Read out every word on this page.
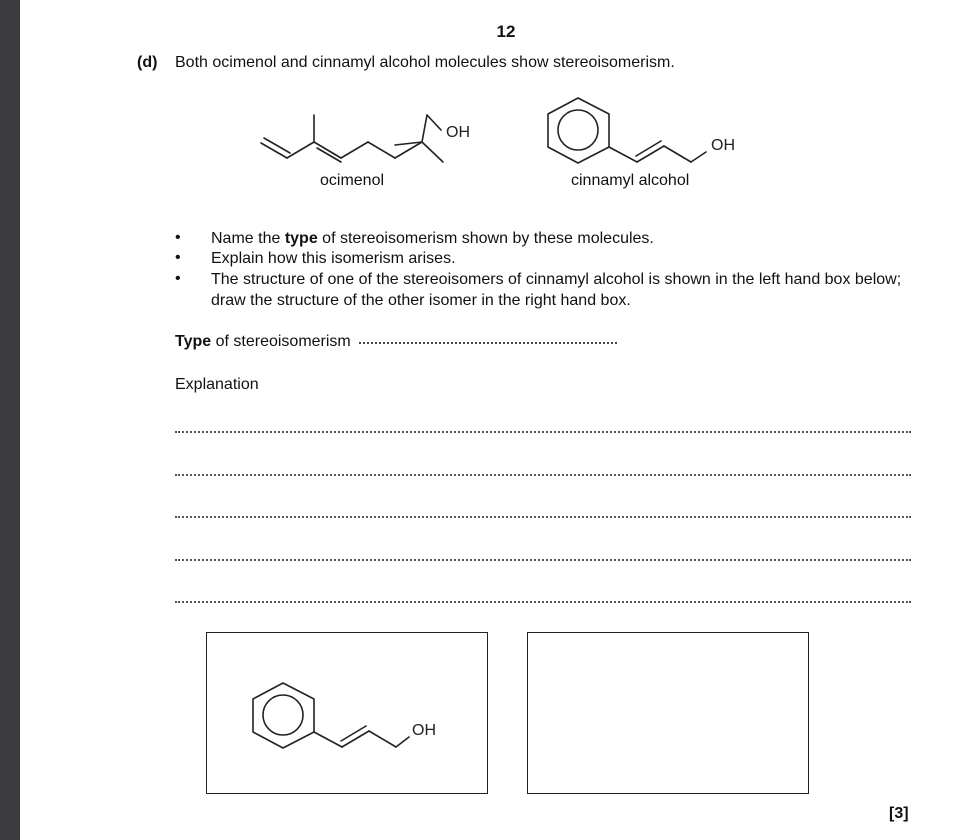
12
(d) Both ocimenol and cinnamyl alcohol molecules show stereoisomerism.
OH
ocimenol
OH
cinnamyl alcohol
• Name the type of stereoisomerism shown by these molecules.
• Explain how this isomerism arises.
• The structure of one of the stereoisomers of cinnamyl alcohol is shown in the left hand box below; draw the structure of the other isomer in the right hand box.
Type of stereoisomerism
Explanation
OH
[3]
